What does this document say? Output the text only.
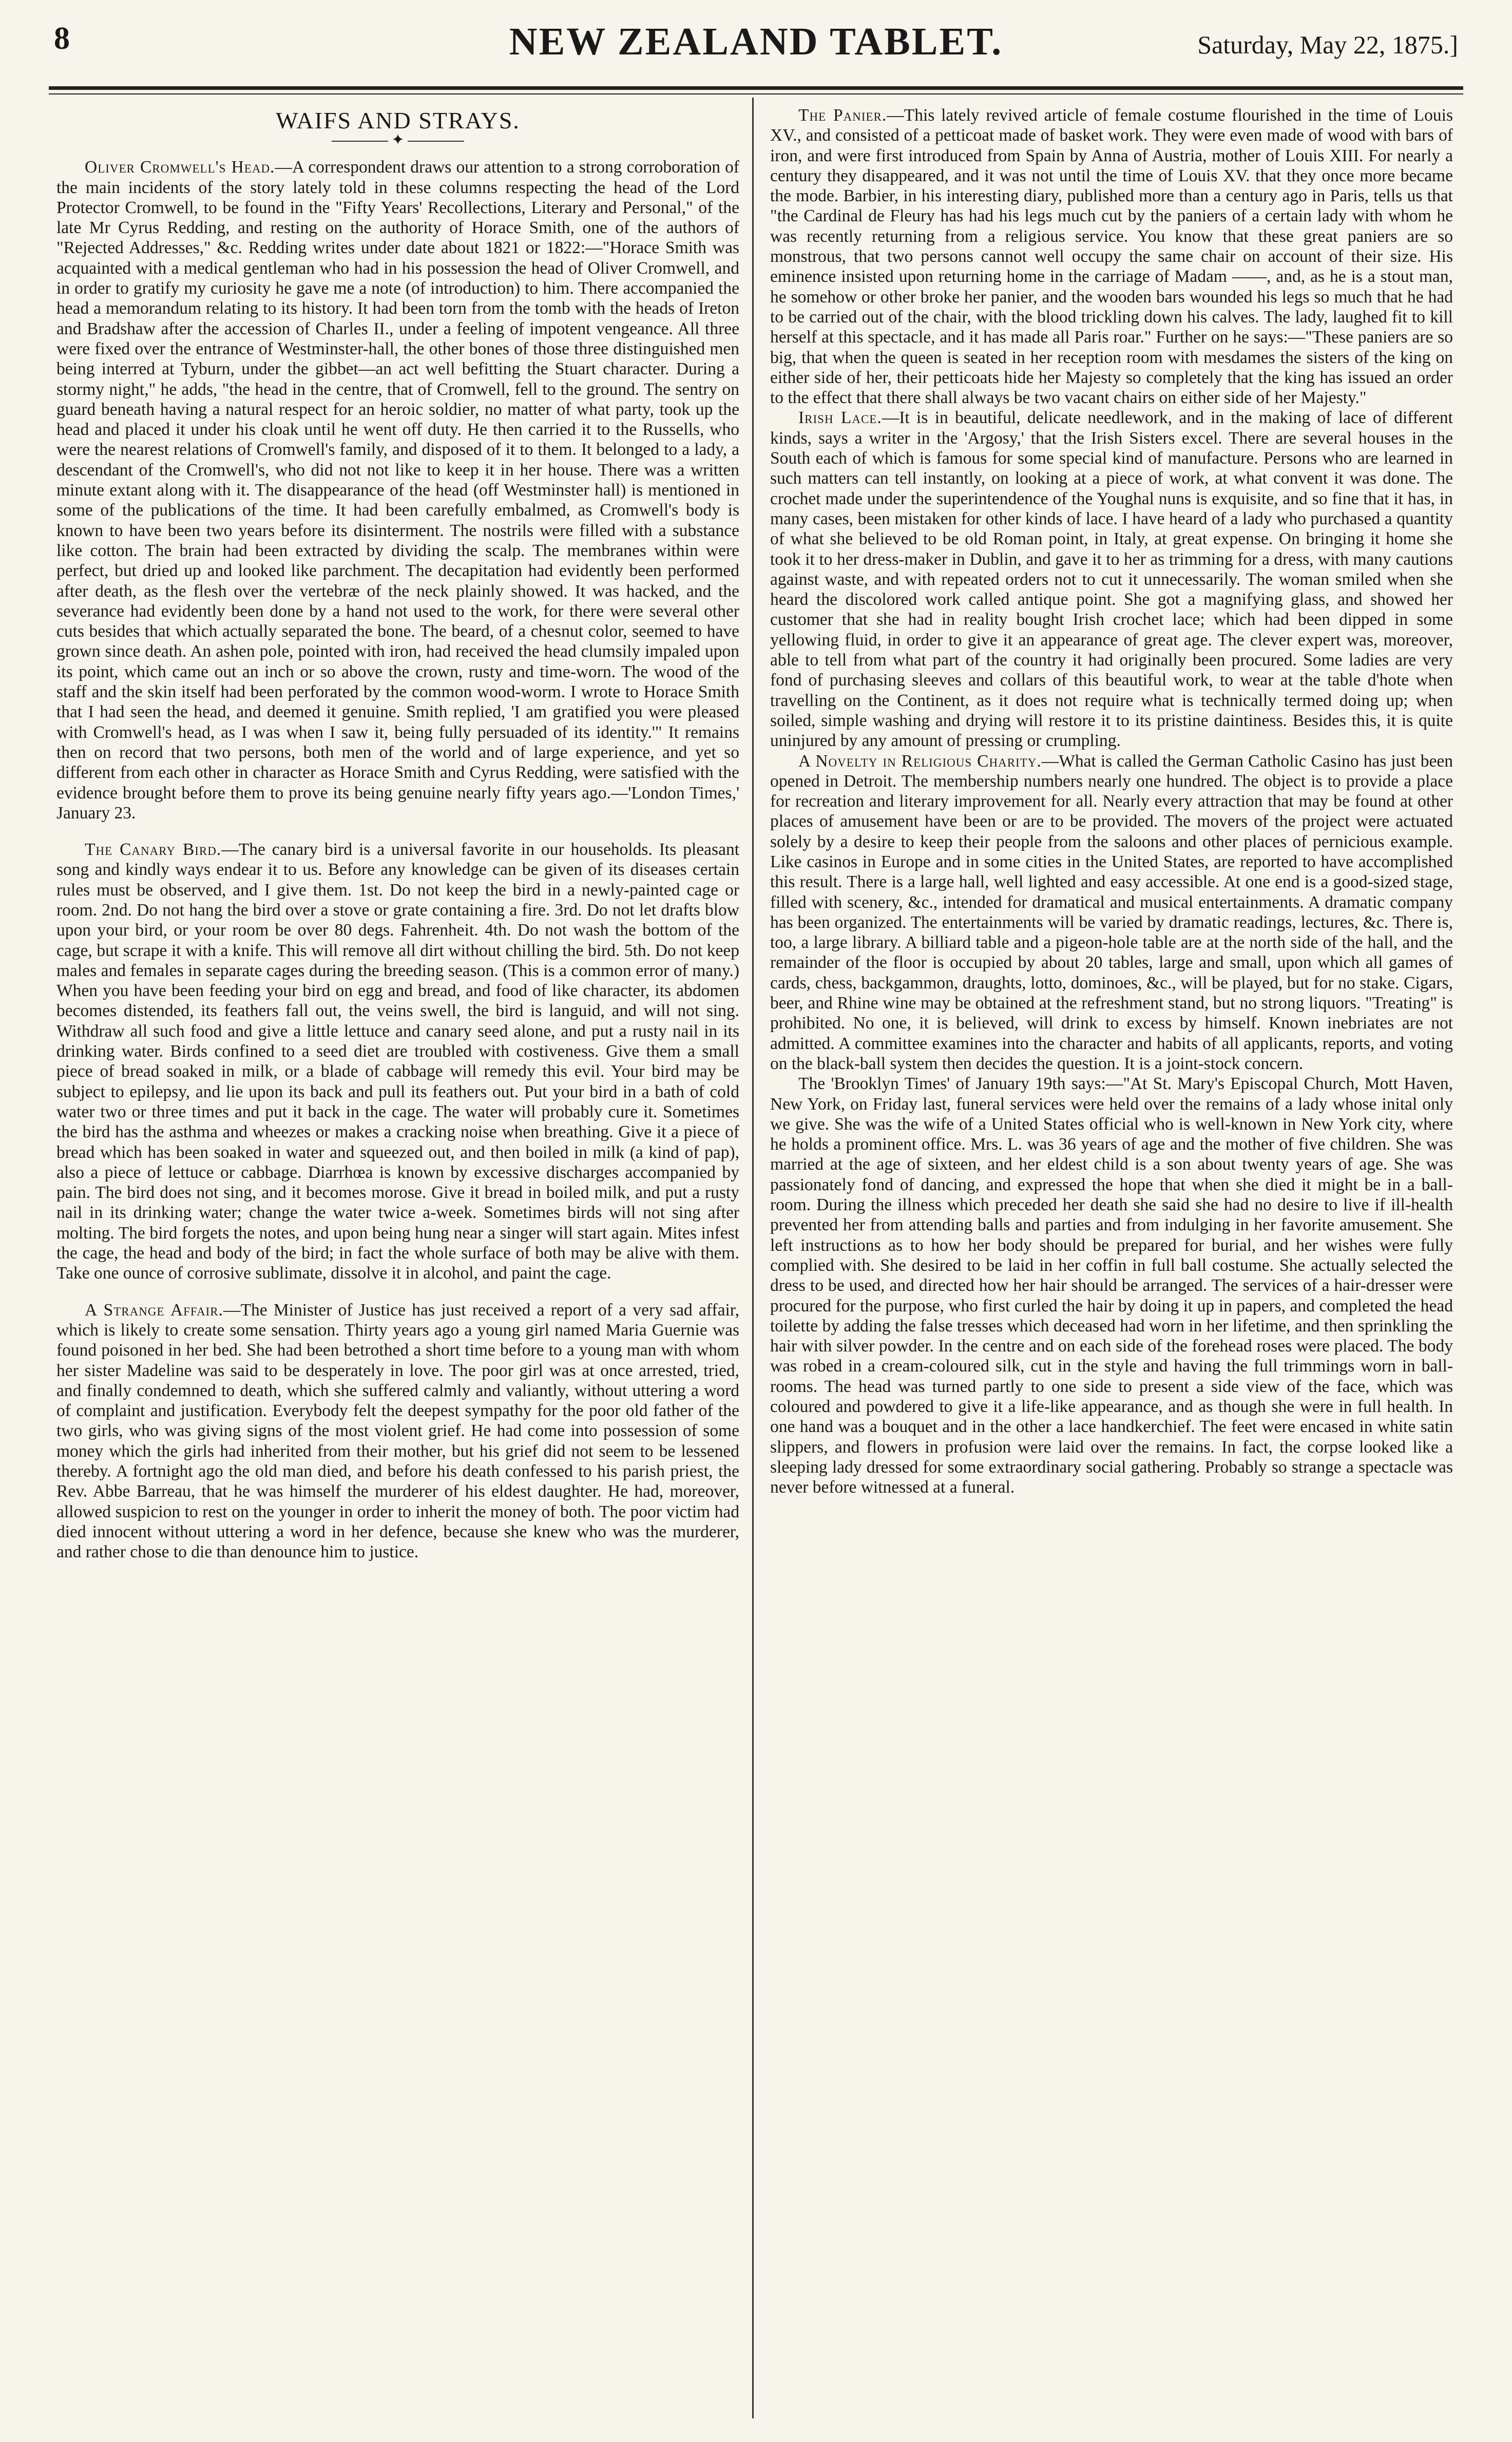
8	NEW ZEALAND TABLET.	Saturday, May 22, 1875.]
WAIFS AND STRAYS.
✦

Oliver Cromwell's Head.—A correspondent draws our attention to a strong corroboration of the main incidents of the story lately told in these columns respecting the head of the Lord Protector Cromwell, to be found in the "Fifty Years' Recollections, Literary and Personal," of the late Mr Cyrus Redding, and resting on the authority of Horace Smith, one of the authors of "Rejected Addresses," &c. Redding writes under date about 1821 or 1822:—"Horace Smith was acquainted with a medical gentleman who had in his possession the head of Oliver Cromwell, and in order to gratify my curiosity he gave me a note (of introduction) to him. There accompanied the head a memorandum relating to its history. It had been torn from the tomb with the heads of Ireton and Bradshaw after the accession of Charles II., under a feeling of impotent vengeance. All three were fixed over the entrance of Westminster-hall, the other bones of those three distinguished men being interred at Tyburn, under the gibbet—an act well befitting the Stuart character. During a stormy night," he adds, "the head in the centre, that of Cromwell, fell to the ground. The sentry on guard beneath having a natural respect for an heroic soldier, no matter of what party, took up the head and placed it under his cloak until he went off duty. He then carried it to the Russells, who were the nearest relations of Cromwell's family, and disposed of it to them. It belonged to a lady, a descendant of the Cromwell's, who did not not like to keep it in her house. There was a written minute extant along with it. The disappearance of the head (off Westminster hall) is mentioned in some of the publications of the time. It had been carefully embalmed, as Cromwell's body is known to have been two years before its disinterment. The nostrils were filled with a substance like cotton. The brain had been extracted by dividing the scalp. The membranes within were perfect, but dried up and looked like parchment. The decapitation had evidently been performed after death, as the flesh over the vertebræ of the neck plainly showed. It was hacked, and the severance had evidently been done by a hand not used to the work, for there were several other cuts besides that which actually separated the bone. The beard, of a chesnut color, seemed to have grown since death. An ashen pole, pointed with iron, had received the head clumsily impaled upon its point, which came out an inch or so above the crown, rusty and time-worn. The wood of the staff and the skin itself had been perforated by the common wood-worm. I wrote to Horace Smith that I had seen the head, and deemed it genuine. Smith replied, 'I am gratified you were pleased with Cromwell's head, as I was when I saw it, being fully persuaded of its identity.'" It remains then on record that two persons, both men of the world and of large experience, and yet so different from each other in character as Horace Smith and Cyrus Redding, were satisfied with the evidence brought before them to prove its being genuine nearly fifty years ago.—'London Times,' January 23.

The Canary Bird.—The canary bird is a universal favorite in our households. Its pleasant song and kindly ways endear it to us. Before any knowledge can be given of its diseases certain rules must be observed, and I give them. 1st. Do not keep the bird in a newly-painted cage or room. 2nd. Do not hang the bird over a stove or grate containing a fire. 3rd. Do not let drafts blow upon your bird, or your room be over 80 degs. Fahrenheit. 4th. Do not wash the bottom of the cage, but scrape it with a knife. This will remove all dirt without chilling the bird. 5th. Do not keep males and females in separate cages during the breeding season. (This is a common error of many.) When you have been feeding your bird on egg and bread, and food of like character, its abdomen becomes distended, its feathers fall out, the veins swell, the bird is languid, and will not sing. Withdraw all such food and give a little lettuce and canary seed alone, and put a rusty nail in its drinking water. Birds confined to a seed diet are troubled with costiveness. Give them a small piece of bread soaked in milk, or a blade of cabbage will remedy this evil. Your bird may be subject to epilepsy, and lie upon its back and pull its feathers out. Put your bird in a bath of cold water two or three times and put it back in the cage. The water will probably cure it. Sometimes the bird has the asthma and wheezes or makes a cracking noise when breathing. Give it a piece of bread which has been soaked in water and squeezed out, and then boiled in milk (a kind of pap), also a piece of lettuce or cabbage. Diarrhœa is known by excessive discharges accompanied by pain. The bird does not sing, and it becomes morose. Give it bread in boiled milk, and put a rusty nail in its drinking water; change the water twice a-week. Sometimes birds will not sing after molting. The bird forgets the notes, and upon being hung near a singer will start again. Mites infest the cage, the head and body of the bird; in fact the whole surface of both may be alive with them. Take one ounce of corrosive sublimate, dissolve it in alcohol, and paint the cage.

A Strange Affair.—The Minister of Justice has just received a report of a very sad affair, which is likely to create some sensation. Thirty years ago a young girl named Maria Guernie was found poisoned in her bed. She had been betrothed a short time before to a young man with whom her sister Madeline was said to be desperately in love. The poor girl was at once arrested, tried, and finally condemned to death, which she suffered calmly and valiantly, without uttering a word of complaint and justification. Everybody felt the deepest sympathy for the poor old father of the two girls, who was giving signs of the most violent grief. He had come into possession of some money which the girls had inherited from their mother, but his grief did not seem to be lessened thereby. A fortnight ago the old man died, and before his death confessed to his parish priest, the Rev. Abbe Barreau, that he was himself the murderer of his eldest daughter. He had, moreover, allowed suspicion to rest on the younger in order to inherit the money of both. The poor victim had died innocent without uttering a word in her defence, because she knew who was the murderer, and rather chose to die than denounce him to justice.

The Panier.—This lately revived article of female costume flourished in the time of Louis XV., and consisted of a petticoat made of basket work. They were even made of wood with bars of iron, and were first introduced from Spain by Anna of Austria, mother of Louis XIII. For nearly a century they disappeared, and it was not until the time of Louis XV. that they once more became the mode. Barbier, in his interesting diary, published more than a century ago in Paris, tells us that "the Cardinal de Fleury has had his legs much cut by the paniers of a certain lady with whom he was recently returning from a religious service. You know that these great paniers are so monstrous, that two persons cannot well occupy the same chair on account of their size. His eminence insisted upon returning home in the carriage of Madam ——, and, as he is a stout man, he somehow or other broke her panier, and the wooden bars wounded his legs so much that he had to be carried out of the chair, with the blood trickling down his calves. The lady, laughed fit to kill herself at this spectacle, and it has made all Paris roar." Further on he says:—"These paniers are so big, that when the queen is seated in her reception room with mesdames the sisters of the king on either side of her, their petticoats hide her Majesty so completely that the king has issued an order to the effect that there shall always be two vacant chairs on either side of her Majesty."

Irish Lace.—It is in beautiful, delicate needlework, and in the making of lace of different kinds, says a writer in the 'Argosy,' that the Irish Sisters excel. There are several houses in the South each of which is famous for some special kind of manufacture. Persons who are learned in such matters can tell instantly, on looking at a piece of work, at what convent it was done. The crochet made under the superintendence of the Youghal nuns is exquisite, and so fine that it has, in many cases, been mistaken for other kinds of lace. I have heard of a lady who purchased a quantity of what she believed to be old Roman point, in Italy, at great expense. On bringing it home she took it to her dress-maker in Dublin, and gave it to her as trimming for a dress, with many cautions against waste, and with repeated orders not to cut it unnecessarily. The woman smiled when she heard the discolored work called antique point. She got a magnifying glass, and showed her customer that she had in reality bought Irish crochet lace; which had been dipped in some yellowing fluid, in order to give it an appearance of great age. The clever expert was, moreover, able to tell from what part of the country it had originally been procured. Some ladies are very fond of purchasing sleeves and collars of this beautiful work, to wear at the table d'hote when travelling on the Continent, as it does not require what is technically termed doing up; when soiled, simple washing and drying will restore it to its pristine daintiness. Besides this, it is quite uninjured by any amount of pressing or crumpling.

A Novelty in Religious Charity.—What is called the German Catholic Casino has just been opened in Detroit. The membership numbers nearly one hundred. The object is to provide a place for recreation and literary improvement for all. Nearly every attraction that may be found at other places of amusement have been or are to be provided. The movers of the project were actuated solely by a desire to keep their people from the saloons and other places of pernicious example. Like casinos in Europe and in some cities in the United States, are reported to have accomplished this result. There is a large hall, well lighted and easy accessible. At one end is a good-sized stage, filled with scenery, &c., intended for dramatical and musical entertainments. A dramatic company has been organized. The entertainments will be varied by dramatic readings, lectures, &c. There is, too, a large library. A billiard table and a pigeon-hole table are at the north side of the hall, and the remainder of the floor is occupied by about 20 tables, large and small, upon which all games of cards, chess, backgammon, draughts, lotto, dominoes, &c., will be played, but for no stake. Cigars, beer, and Rhine wine may be obtained at the refreshment stand, but no strong liquors. "Treating" is prohibited. No one, it is believed, will drink to excess by himself. Known inebriates are not admitted. A committee examines into the character and habits of all applicants, reports, and voting on the black-ball system then decides the question. It is a joint-stock concern.

The 'Brooklyn Times' of January 19th says:—"At St. Mary's Episcopal Church, Mott Haven, New York, on Friday last, funeral services were held over the remains of a lady whose inital only we give. She was the wife of a United States official who is well-known in New York city, where he holds a prominent office. Mrs. L. was 36 years of age and the mother of five children. She was married at the age of sixteen, and her eldest child is a son about twenty years of age. She was passionately fond of dancing, and expressed the hope that when she died it might be in a ball-room. During the illness which preceded her death she said she had no desire to live if ill-health prevented her from attending balls and parties and from indulging in her favorite amusement. She left instructions as to how her body should be prepared for burial, and her wishes were fully complied with. She desired to be laid in her coffin in full ball costume. She actually selected the dress to be used, and directed how her hair should be arranged. The services of a hair-dresser were procured for the purpose, who first curled the hair by doing it up in papers, and completed the head toilette by adding the false tresses which deceased had worn in her lifetime, and then sprinkling the hair with silver powder. In the centre and on each side of the forehead roses were placed. The body was robed in a cream-coloured silk, cut in the style and having the full trimmings worn in ball-rooms. The head was turned partly to one side to present a side view of the face, which was coloured and powdered to give it a life-like appearance, and as though she were in full health. In one hand was a bouquet and in the other a lace handkerchief. The feet were encased in white satin slippers, and flowers in profusion were laid over the remains. In fact, the corpse looked like a sleeping lady dressed for some extraordinary social gathering. Probably so strange a spectacle was never before witnessed at a funeral.
